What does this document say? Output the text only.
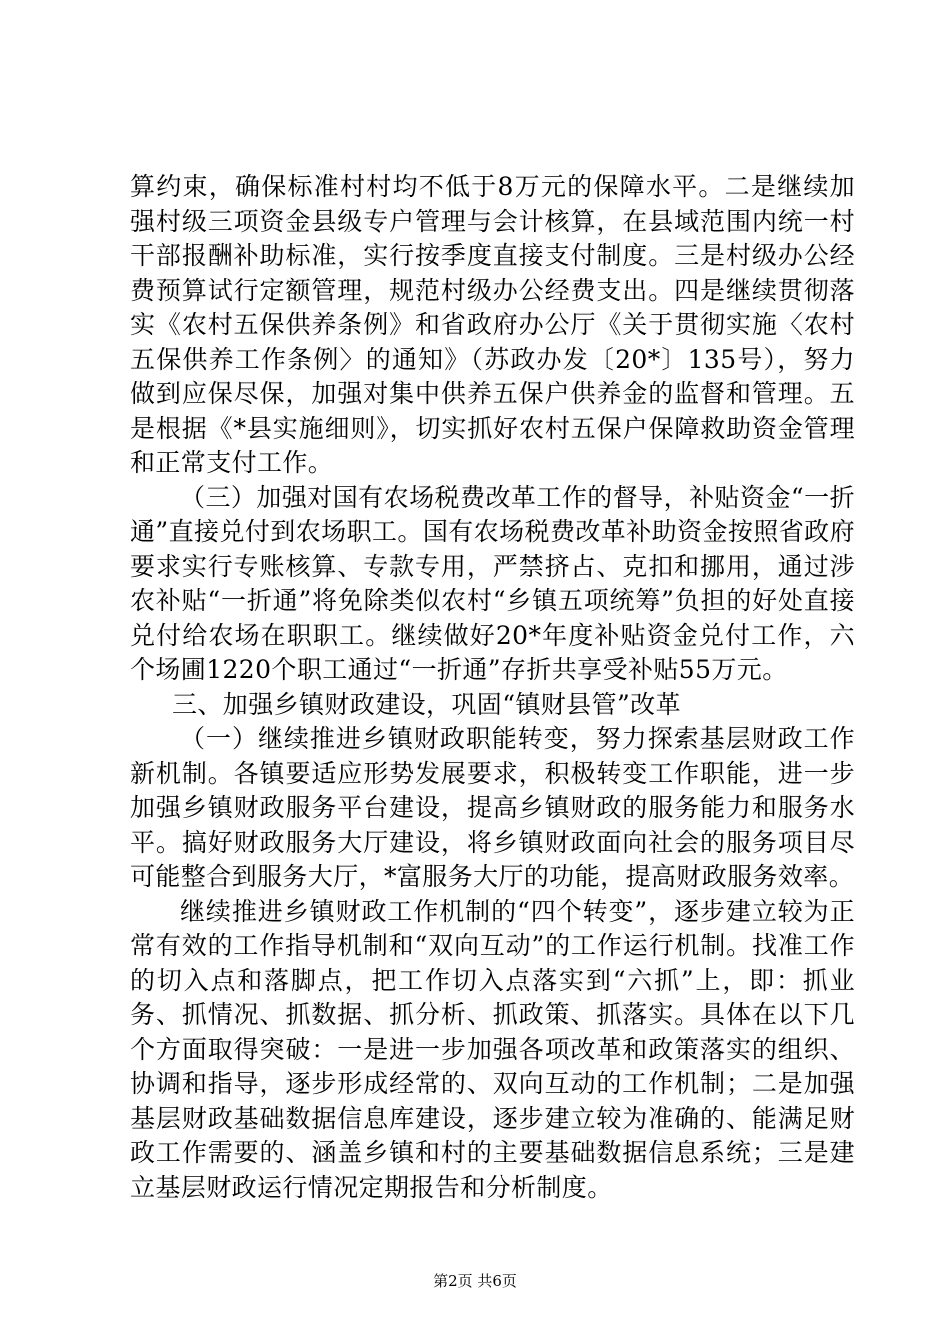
算约束，确保标准村村均不低于8万元的保障水平。二是继续加强村级三项资金县级专户管理与会计核算，在县域范围内统一村干部报酬补助标准，实行按季度直接支付制度。三是村级办公经费预算试行定额管理，规范村级办公经费支出。四是继续贯彻落实《农村五保供养条例》和省政府办公厅《关于贯彻实施〈农村五保供养工作条例〉的通知》（苏政办发〔20*〕135号），努力做到应保尽保，加强对集中供养五保户供养金的监督和管理。五是根据《*县实施细则》，切实抓好农村五保户保障救助资金管理和正常支付工作。

（三）加强对国有农场税费改革工作的督导，补贴资金“一折通”直接兑付到农场职工。国有农场税费改革补助资金按照省政府要求实行专账核算、专款专用，严禁挤占、克扣和挪用，通过涉农补贴“一折通”将免除类似农村“乡镇五项统筹”负担的好处直接兑付给农场在职职工。继续做好20*年度补贴资金兑付工作，六个场圃1220个职工通过“一折通”存折共享受补贴55万元。

三、加强乡镇财政建设，巩固“镇财县管”改革

（一）继续推进乡镇财政职能转变，努力探索基层财政工作新机制。各镇要适应形势发展要求，积极转变工作职能，进一步加强乡镇财政服务平台建设，提高乡镇财政的服务能力和服务水平。搞好财政服务大厅建设，将乡镇财政面向社会的服务项目尽可能整合到服务大厅，*富服务大厅的功能，提高财政服务效率。

继续推进乡镇财政工作机制的“四个转变”，逐步建立较为正常有效的工作指导机制和“双向互动”的工作运行机制。找准工作的切入点和落脚点，把工作切入点落实到“六抓”上，即：抓业务、抓情况、抓数据、抓分析、抓政策、抓落实。具体在以下几个方面取得突破：一是进一步加强各项改革和政策落实的组织、协调和指导，逐步形成经常的、双向互动的工作机制；二是加强基层财政基础数据信息库建设，逐步建立较为准确的、能满足财政工作需要的、涵盖乡镇和村的主要基础数据信息系统；三是建立基层财政运行情况定期报告和分析制度。

第2页 共6页
